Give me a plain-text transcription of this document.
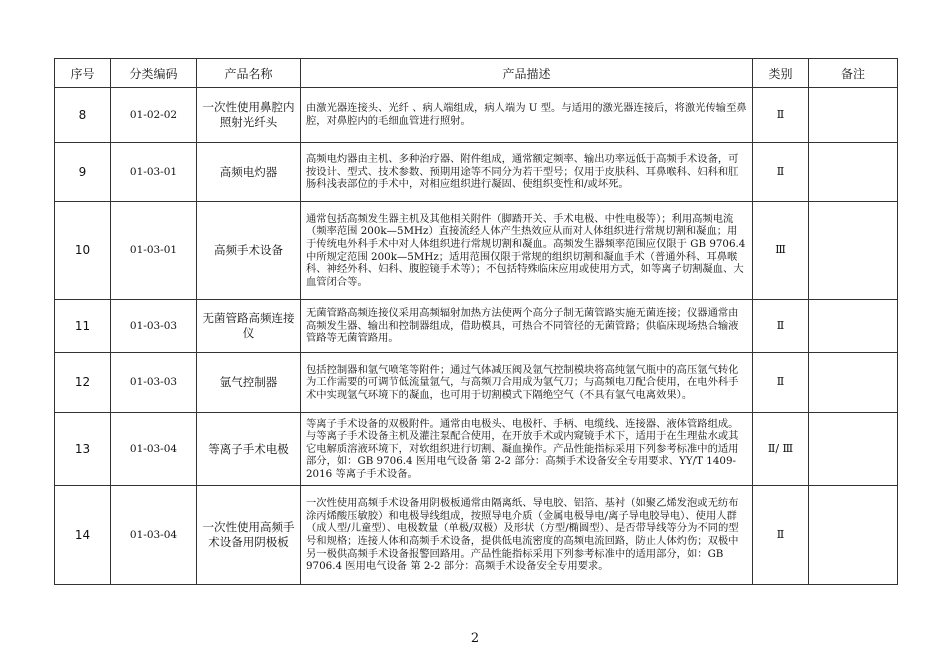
序号	分类编码	产品名称	产品描述	类别	备注
8	01-02-02	一次性使用鼻腔内照射光纤头	由激光器连接头、光纤 、病人端组成，病人端为 U 型。与适用的激光器连接后，将激光传输至鼻腔，对鼻腔内的毛细血管进行照射。	Ⅱ	
9	01-03-01	高频电灼器	高频电灼器由主机、多种治疗器、附件组成，通常额定频率、输出功率远低于高频手术设备，可按设计、型式、技术参数、预期用途等不同分为若干型号；仅用于皮肤科、耳鼻喉科、妇科和肛肠科浅表部位的手术中，对相应组织进行凝固、使组织变性和/或坏死。	Ⅱ	
10	01-03-01	高频手术设备	通常包括高频发生器主机及其他相关附件（脚踏开关、手术电极、中性电极等）；利用高频电流（频率范围 200k—5MHz）直接流经人体产生热效应从而对人体组织进行常规切割和凝血；用于传统电外科手术中对人体组织进行常规切割和凝血。高频发生器频率范围应仅限于 GB 9706.4 中所规定范围 200k—5MHz；适用范围仅限于常规的组织切割和凝血手术（普通外科、耳鼻喉科、神经外科、妇科、腹腔镜手术等）；不包括特殊临床应用或使用方式，如等离子切割凝血、大血管闭合等。	Ⅲ	
11	01-03-03	无菌管路高频连接仪	无菌管路高频连接仪采用高频辐射加热方法使两个高分子制无菌管路实施无菌连接；仪器通常由高频发生器、输出和控制器组成，借助模具，可热合不同管径的无菌管路；供临床现场热合输液管路等无菌管路用。	Ⅱ	
12	01-03-03	氩气控制器	包括控制器和氩气喷笔等附件；通过气体减压阀及氩气控制模块将高纯氩气瓶中的高压氩气转化为工作需要的可调节低流量氩气，与高频刀合用成为氩气刀；与高频电刀配合使用，在电外科手术中实现氩气环境下的凝血，也可用于切割模式下隔绝空气（不具有氩气电离效果）。	Ⅱ	
13	01-03-04	等离子手术电极	等离子手术设备的双极附件。通常由电极头、电极杆、手柄、电缆线、连接器、液体管路组成。与等离子手术设备主机及灌注泵配合使用，在开放手术或内窥镜手术下，适用于在生理盐水或其它电解质溶液环境下，对软组织进行切割、凝血操作。产品性能指标采用下列参考标准中的适用部分，如：GB 9706.4 医用电气设备 第 2-2 部分：高频手术设备安全专用要求、YY/T 1409-2016 等离子手术设备。	Ⅱ/ Ⅲ	
14	01-03-04	一次性使用高频手术设备用阴极板	一次性使用高频手术设备用阴极板通常由隔离纸、导电胶、铝箔、基衬（如聚乙烯发泡或无纺布涂丙烯酸压敏胶）和电极导线组成，按照导电介质（金属电极导电/离子导电胶导电）、使用人群（成人型/儿童型）、电极数量（单极/双极）及形状（方型/椭圆型）、是否带导线等分为不同的型号和规格；连接人体和高频手术设备，提供低电流密度的高频电流回路，防止人体灼伤；双极中另一极供高频手术设备报警回路用。产品性能指标采用下列参考标准中的适用部分，如：GB 9706.4 医用电气设备 第 2-2 部分：高频手术设备安全专用要求。	Ⅱ	
2
